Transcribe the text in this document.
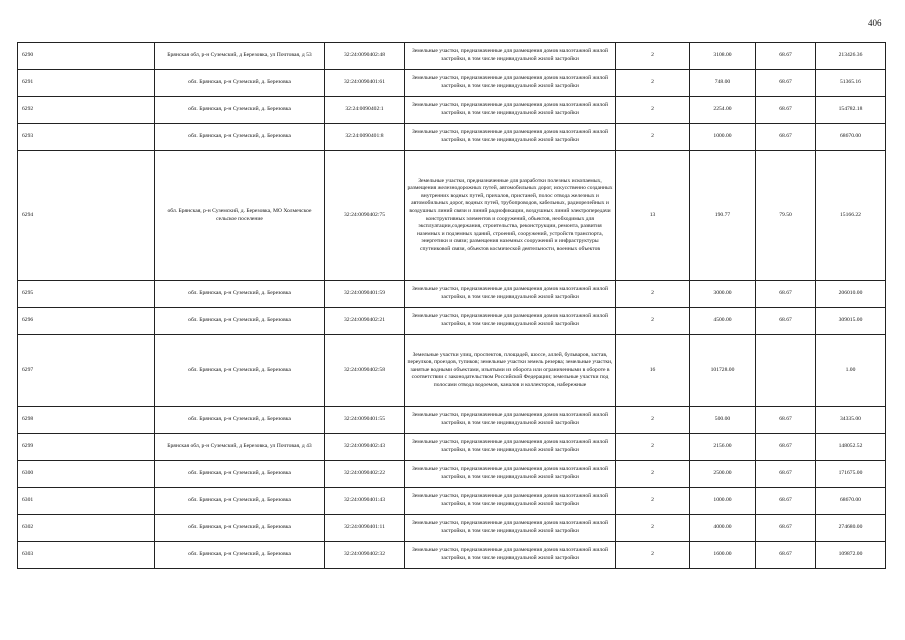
406
6290	Брянская обл, р-н Суземский, д Березовка, ул Почтовая, д 53	32:24:0090402:48	Земельные участки, предназначенные для размещения домов малоэтажной жилой застройки, в том числе индивидуальной жилой застройки	2	3108.00	68.67	213426.36
6291	обл. Брянская, р-н Суземский, д. Березовка	32:24:0090401:61	Земельные участки, предназначенные для размещения домов малоэтажной жилой застройки, в том числе индивидуальной жилой застройки	2	748.00	68.67	51365.16
6292	обл. Брянская, р-н Суземский, д. Березовка	32:24:0090402:1	Земельные участки, предназначенные для размещения домов малоэтажной жилой застройки, в том числе индивидуальной жилой застройки	2	2254.00	68.67	154782.18
6293	обл. Брянская, р-н Суземский, д. Березовка	32:24:0090401:8	Земельные участки, предназначенные для размещения домов малоэтажной жилой застройки, в том числе индивидуальной жилой застройки	2	1000.00	68.67	68670.00
6294	обл. Брянская, р-н Суземский, д. Березовка, МО Холмечское сельское поселение	32:24:0090402:75	Земельные участки, предназначенные для разработки полезных ископаемых, размещения железнодорожных путей, автомобильных дорог, искусственно созданных внутренних водных путей, причалов, пристаней, полос отвода железных и автомобильных дорог, водных путей, трубопроводов, кабельных, радиорелейных и воздушных линий связи и линий радиофикации, воздушных линий электропередачи конструктивных элементов и сооружений, объектов, необходимых для эксплуатации,содержания, строительства, реконструкции, ремонта, развития наземных и подземных зданий, строений, сооружений, устройств транспорта, энергетики и связи; размещения наземных сооружений и инфраструктуры спутниковой связи, объектов космической деятельности, военных объектов	13	190.77	79.50	15166.22
6295	обл. Брянская, р-н Суземский, д. Березовка	32:24:0090401:59	Земельные участки, предназначенные для размещения домов малоэтажной жилой застройки, в том числе индивидуальной жилой застройки	2	3000.00	68.67	206010.00
6296	обл. Брянская, р-н Суземский, д. Березовка	32:24:0090402:21	Земельные участки, предназначенные для размещения домов малоэтажной жилой застройки, в том числе индивидуальной жилой застройки	2	4500.00	68.67	309015.00
6297	обл. Брянская, р-н Суземский, д. Березовка	32:24:0090402:58	Земельные участки улиц, проспектов, площадей, шоссе, аллей, бульваров, застав, переулков, проездов, тупиков; земельные участки земель резерва; земельные участки, занятые водными объектами, изъятыми из оборота или ограниченными в обороте в соответствии с законодательством Российской Федерации; земельные участки под полосами отвода водоемов, каналов и коллекторов, набережные	16	101728.00		1.00
6298	обл. Брянская, р-н Суземский, д. Березовка	32:24:0090401:55	Земельные участки, предназначенные для размещения домов малоэтажной жилой застройки, в том числе индивидуальной жилой застройки	2	500.00	68.67	34335.00
6299	Брянская обл, р-н Суземский, д Березовка, ул Почтовая, д 43	32:24:0090402:43	Земельные участки, предназначенные для размещения домов малоэтажной жилой застройки, в том числе индивидуальной жилой застройки	2	2156.00	68.67	148052.52
6300	обл. Брянская, р-н Суземский, д. Березовка	32:24:0090402:22	Земельные участки, предназначенные для размещения домов малоэтажной жилой застройки, в том числе индивидуальной жилой застройки	2	2500.00	68.67	171675.00
6301	обл. Брянская, р-н Суземский, д. Березовка	32:24:0090401:43	Земельные участки, предназначенные для размещения домов малоэтажной жилой застройки, в том числе индивидуальной жилой застройки	2	1000.00	68.67	68670.00
6302	обл. Брянская, р-н Суземский, д. Березовка	32:24:0090401:11	Земельные участки, предназначенные для размещения домов малоэтажной жилой застройки, в том числе индивидуальной жилой застройки	2	4000.00	68.67	274680.00
6303	обл. Брянская, р-н Суземский, д. Березовка	32:24:0090402:32	Земельные участки, предназначенные для размещения домов малоэтажной жилой застройки, в том числе индивидуальной жилой застройки	2	1600.00	68.67	109872.00
